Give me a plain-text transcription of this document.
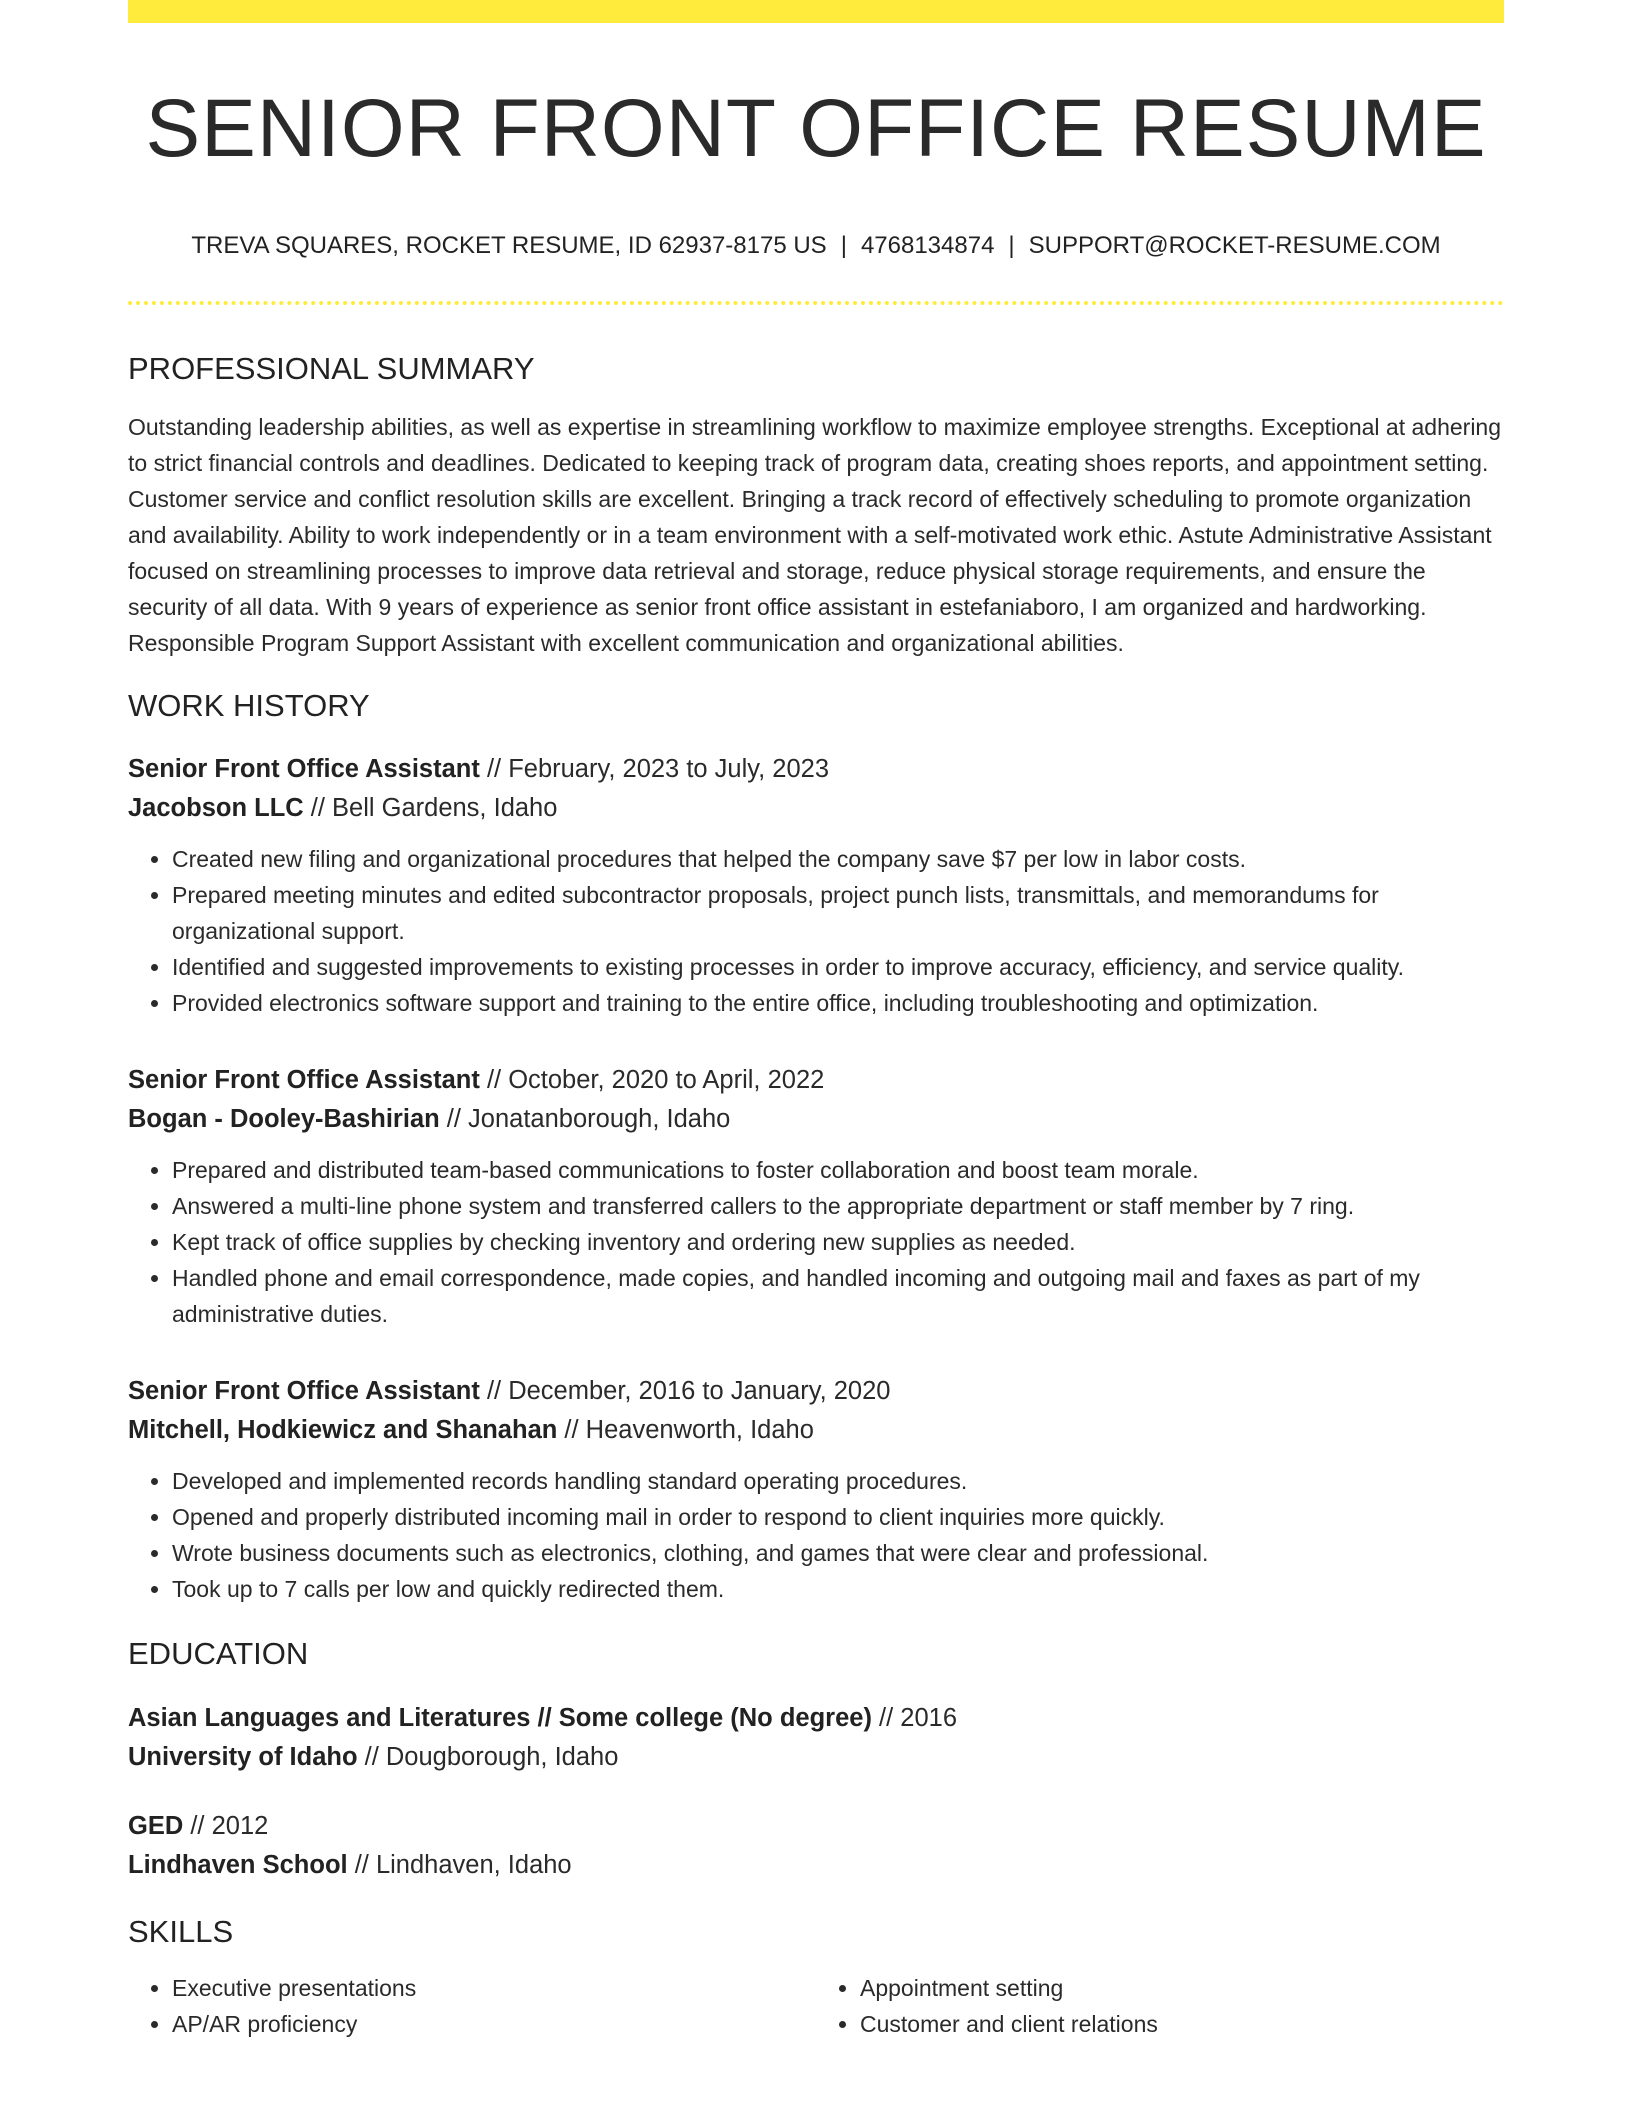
SENIOR FRONT OFFICE RESUME
TREVA SQUARES, ROCKET RESUME, ID 62937-8175 US | 4768134874 | SUPPORT@ROCKET-RESUME.COM
PROFESSIONAL SUMMARY
Outstanding leadership abilities, as well as expertise in streamlining workflow to maximize employee strengths. Exceptional at adhering to strict financial controls and deadlines. Dedicated to keeping track of program data, creating shoes reports, and appointment setting. Customer service and conflict resolution skills are excellent. Bringing a track record of effectively scheduling to promote organization and availability. Ability to work independently or in a team environment with a self-motivated work ethic. Astute Administrative Assistant focused on streamlining processes to improve data retrieval and storage, reduce physical storage requirements, and ensure the security of all data. With 9 years of experience as senior front office assistant in estefaniaboro, I am organized and hardworking. Responsible Program Support Assistant with excellent communication and organizational abilities.
WORK HISTORY
Senior Front Office Assistant // February, 2023 to July, 2023
Jacobson LLC // Bell Gardens, Idaho
• Created new filing and organizational procedures that helped the company save $7 per low in labor costs.
• Prepared meeting minutes and edited subcontractor proposals, project punch lists, transmittals, and memorandums for organizational support.
• Identified and suggested improvements to existing processes in order to improve accuracy, efficiency, and service quality.
• Provided electronics software support and training to the entire office, including troubleshooting and optimization.
Senior Front Office Assistant // October, 2020 to April, 2022
Bogan - Dooley-Bashirian // Jonatanborough, Idaho
• Prepared and distributed team-based communications to foster collaboration and boost team morale.
• Answered a multi-line phone system and transferred callers to the appropriate department or staff member by 7 ring.
• Kept track of office supplies by checking inventory and ordering new supplies as needed.
• Handled phone and email correspondence, made copies, and handled incoming and outgoing mail and faxes as part of my administrative duties.
Senior Front Office Assistant // December, 2016 to January, 2020
Mitchell, Hodkiewicz and Shanahan // Heavenworth, Idaho
• Developed and implemented records handling standard operating procedures.
• Opened and properly distributed incoming mail in order to respond to client inquiries more quickly.
• Wrote business documents such as electronics, clothing, and games that were clear and professional.
• Took up to 7 calls per low and quickly redirected them.
EDUCATION
Asian Languages and Literatures // Some college (No degree) // 2016
University of Idaho // Dougborough, Idaho
GED // 2012
Lindhaven School // Lindhaven, Idaho
SKILLS
• Executive presentations
• AP/AR proficiency
• Appointment setting
• Customer and client relations
